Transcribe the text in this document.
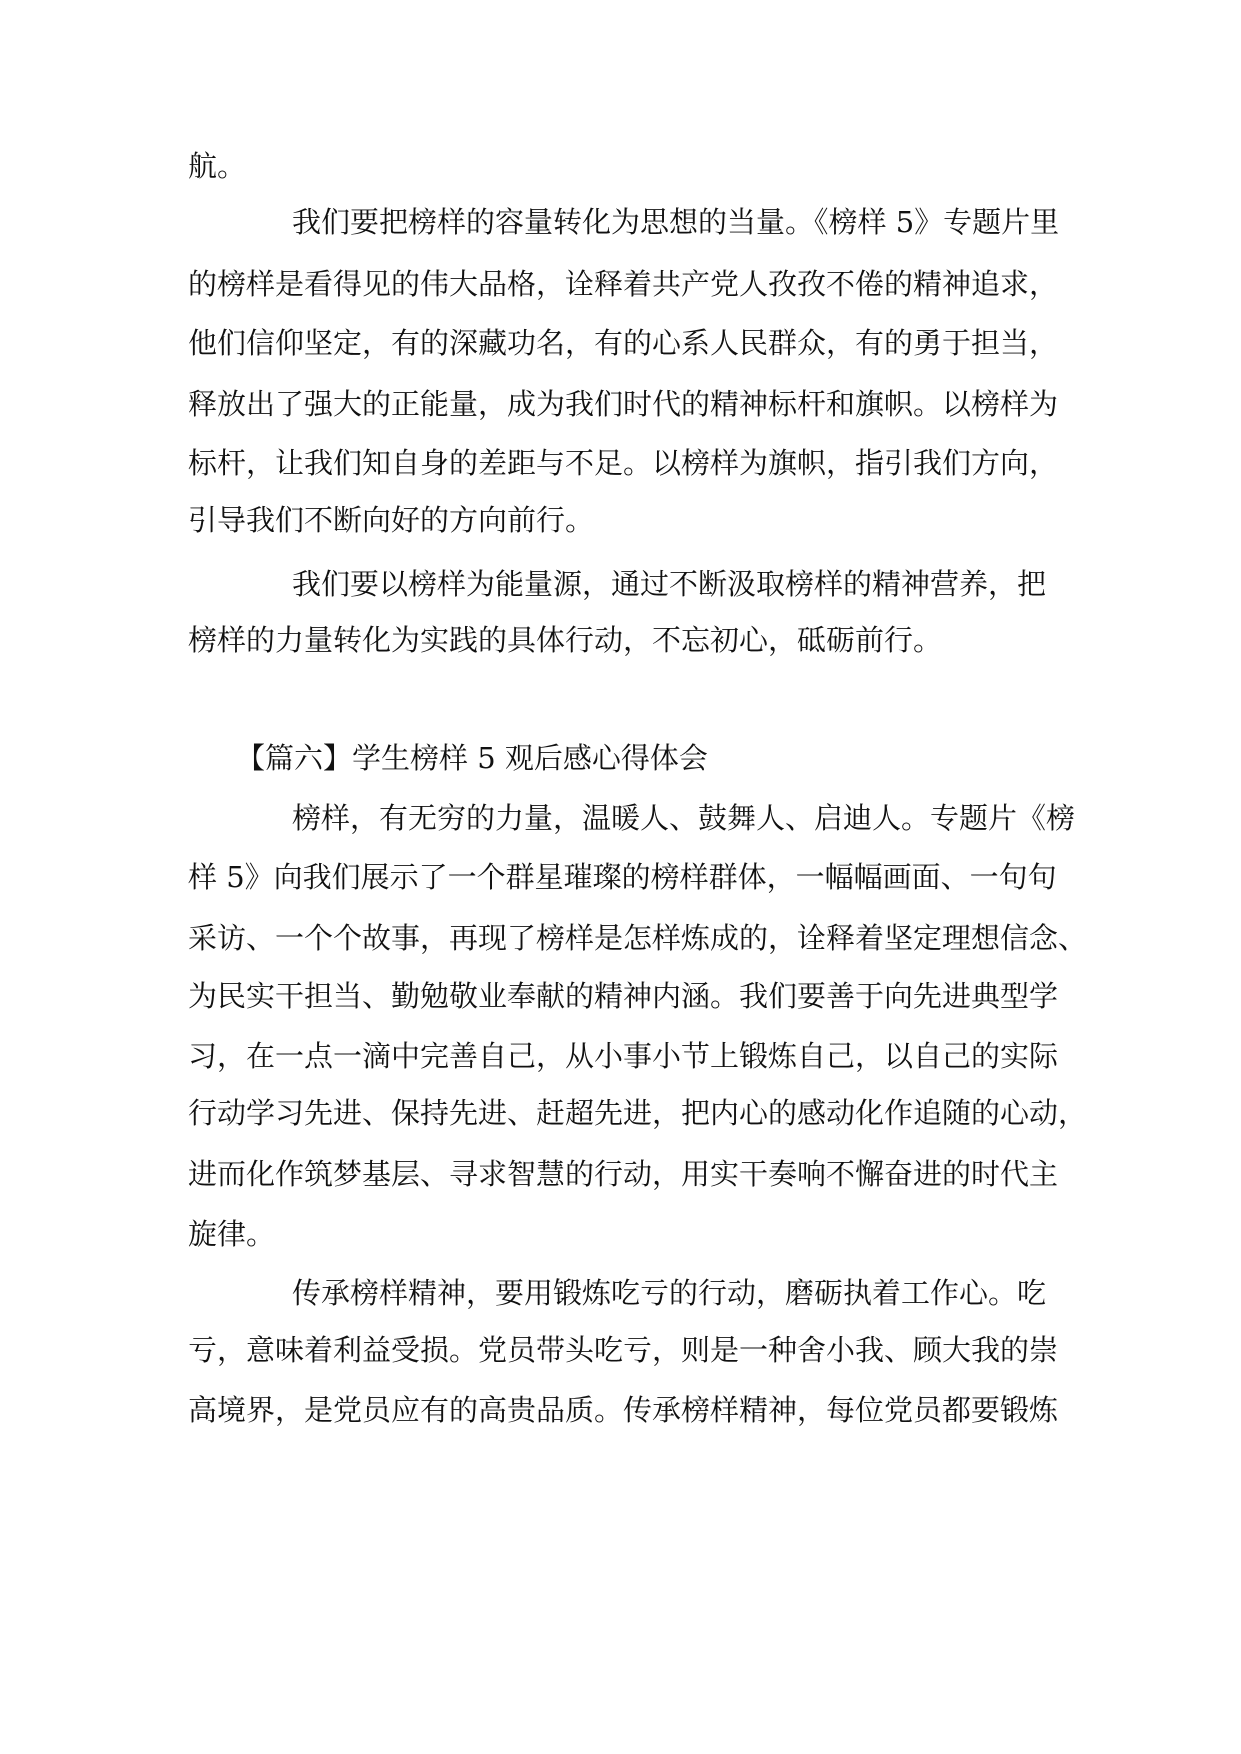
航。
我们要把榜样的容量转化为思想的当量。《榜样 5》专题片里
的榜样是看得见的伟大品格，诠释着共产党人孜孜不倦的精神追求，
他们信仰坚定，有的深藏功名，有的心系人民群众，有的勇于担当，
释放出了强大的正能量，成为我们时代的精神标杆和旗帜。以榜样为
标杆，让我们知自身的差距与不足。以榜样为旗帜，指引我们方向，
引导我们不断向好的方向前行。
我们要以榜样为能量源，通过不断汲取榜样的精神营养，把
榜样的力量转化为实践的具体行动，不忘初心，砥砺前行。
【篇六】学生榜样 5 观后感心得体会
榜样，有无穷的力量，温暖人、鼓舞人、启迪人。专题片《榜
样 5》向我们展示了一个群星璀璨的榜样群体，一幅幅画面、一句句
采访、一个个故事，再现了榜样是怎样炼成的，诠释着坚定理想信念、
为民实干担当、勤勉敬业奉献的精神内涵。我们要善于向先进典型学
习，在一点一滴中完善自己，从小事小节上锻炼自己，以自己的实际
行动学习先进、保持先进、赶超先进，把内心的感动化作追随的心动，
进而化作筑梦基层、寻求智慧的行动，用实干奏响不懈奋进的时代主
旋律。
传承榜样精神，要用锻炼吃亏的行动，磨砺执着工作心。吃
亏，意味着利益受损。党员带头吃亏，则是一种舍小我、顾大我的崇
高境界，是党员应有的高贵品质。传承榜样精神，每位党员都要锻炼
